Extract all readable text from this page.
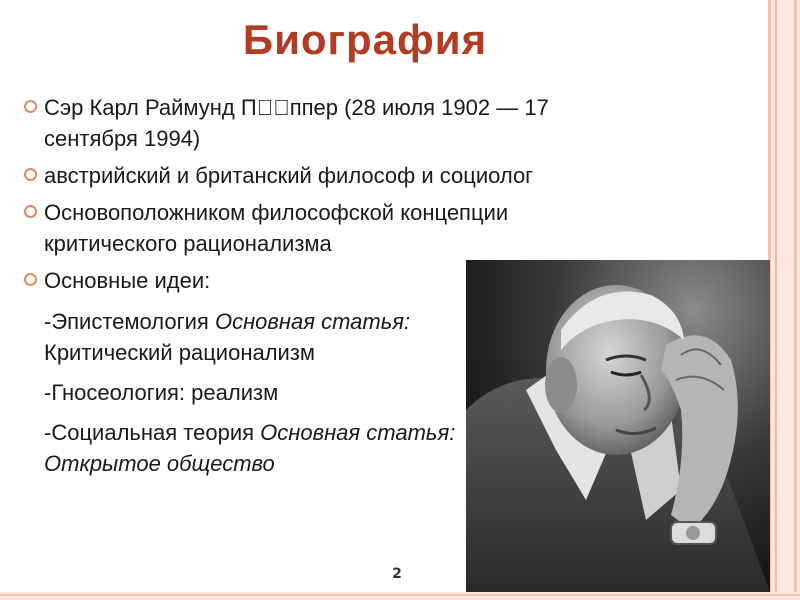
Биография
Сэр Карл Раймунд П  ппер (28 июля 1902 — 17 сентября 1994)
австрийский и британский философ и социолог
Основоположником философской концепции критического рационализма
Основные идеи:
-Эпистемология Основная статья: Критический рационализм
-Гносеология: реализм
-Социальная теория Основная статья: Открытое общество
2
